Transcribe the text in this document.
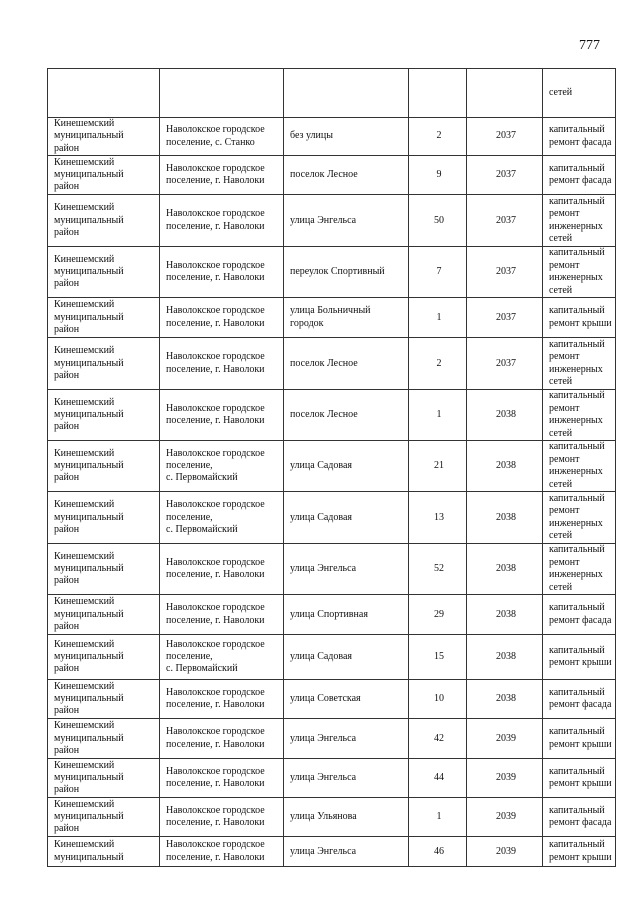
777

					сетей

Кинешемский
муниципальный
район	Наволокское городское
поселение, с. Станко	без улицы	2	2037	капитальный
ремонт фасада

Кинешемский
муниципальный
район	Наволокское городское
поселение, г. Наволоки	поселок Лесное	9	2037	капитальный
ремонт фасада

Кинешемский
муниципальный
район	Наволокское городское
поселение, г. Наволоки	улица Энгельса	50	2037	капитальный
ремонт
инженерных
сетей

Кинешемский
муниципальный
район	Наволокское городское
поселение, г. Наволоки	переулок Спортивный	7	2037	капитальный
ремонт
инженерных
сетей

Кинешемский
муниципальный
район	Наволокское городское
поселение, г. Наволоки	улица Больничный
городок	1	2037	капитальный
ремонт крыши

Кинешемский
муниципальный
район	Наволокское городское
поселение, г. Наволоки	поселок Лесное	2	2037	капитальный
ремонт
инженерных
сетей

Кинешемский
муниципальный
район	Наволокское городское
поселение, г. Наволоки	поселок Лесное	1	2038	капитальный
ремонт
инженерных
сетей

Кинешемский
муниципальный
район	Наволокское городское
поселение,
с. Первомайский	улица Садовая	21	2038	капитальный
ремонт
инженерных
сетей

Кинешемский
муниципальный
район	Наволокское городское
поселение,
с. Первомайский	улица Садовая	13	2038	капитальный
ремонт
инженерных
сетей

Кинешемский
муниципальный
район	Наволокское городское
поселение, г. Наволоки	улица Энгельса	52	2038	капитальный
ремонт
инженерных
сетей

Кинешемский
муниципальный
район	Наволокское городское
поселение, г. Наволоки	улица Спортивная	29	2038	капитальный
ремонт фасада

Кинешемский
муниципальный
район	Наволокское городское
поселение,
с. Первомайский	улица Садовая	15	2038	капитальный
ремонт крыши

Кинешемский
муниципальный
район	Наволокское городское
поселение, г. Наволоки	улица Советская	10	2038	капитальный
ремонт фасада

Кинешемский
муниципальный
район	Наволокское городское
поселение, г. Наволоки	улица Энгельса	42	2039	капитальный
ремонт крыши

Кинешемский
муниципальный
район	Наволокское городское
поселение, г. Наволоки	улица Энгельса	44	2039	капитальный
ремонт крыши

Кинешемский
муниципальный
район	Наволокское городское
поселение, г. Наволоки	улица Ульянова	1	2039	капитальный
ремонт фасада

Кинешемский
муниципальный	Наволокское городское
поселение, г. Наволоки	улица Энгельса	46	2039	капитальный
ремонт крыши
